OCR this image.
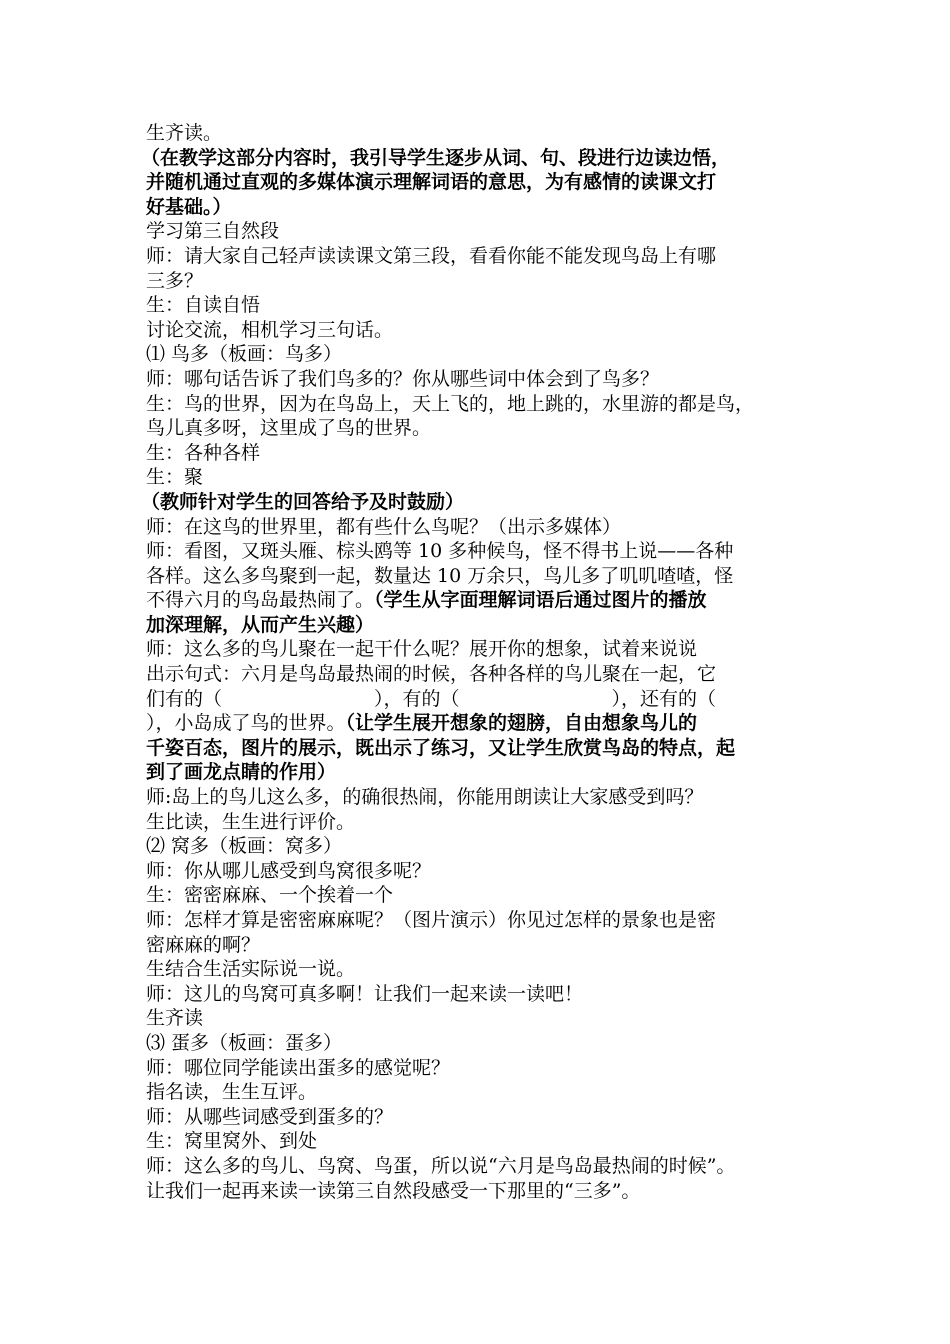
生齐读。

（在教学这部分内容时，我引导学生逐步从词、句、段进行边读边悟，

并随机通过直观的多媒体演示理解词语的意思，为有感情的读课文打

好基础。）

学习第三自然段

师：请大家自己轻声读读课文第三段，看看你能不能发现鸟岛上有哪

三多？

生：自读自悟

讨论交流，相机学习三句话。

⑴ 鸟多（板画：鸟多）

师：哪句话告诉了我们鸟多的？你从哪些词中体会到了鸟多？

生：鸟的世界，因为在鸟岛上，天上飞的，地上跳的，水里游的都是鸟，

鸟儿真多呀，这里成了鸟的世界。

生：各种各样

生：聚

（教师针对学生的回答给予及时鼓励）

师：在这鸟的世界里，都有些什么鸟呢？（出示多媒体）

师：看图，又斑头雁、棕头鸥等 10 多种候鸟，怪不得书上说——各种

各样。这么多鸟聚到一起，数量达 10 万余只，鸟儿多了叽叽喳喳，怪

不得六月的鸟岛最热闹了。（学生从字面理解词语后通过图片的播放

加深理解，从而产生兴趣）

师：这么多的鸟儿聚在一起干什么呢？展开你的想象，试着来说说

出示句式：六月是鸟岛最热闹的时候，各种各样的鸟儿聚在一起，它

们有的（　　　　　　　　），有的（　　　　　　　　），还有的（

），小岛成了鸟的世界。（让学生展开想象的翅膀，自由想象鸟儿的

千姿百态，图片的展示，既出示了练习，又让学生欣赏鸟岛的特点，起

到了画龙点睛的作用）

师:岛上的鸟儿这么多，的确很热闹，你能用朗读让大家感受到吗？

生比读，生生进行评价。

⑵ 窝多（板画：窝多）

师：你从哪儿感受到鸟窝很多呢？

生：密密麻麻、一个挨着一个

师：怎样才算是密密麻麻呢？（图片演示）你见过怎样的景象也是密

密麻麻的啊？

生结合生活实际说一说。

师：这儿的鸟窝可真多啊！让我们一起来读一读吧！

生齐读

⑶ 蛋多（板画：蛋多）

师：哪位同学能读出蛋多的感觉呢？

指名读，生生互评。

师：从哪些词感受到蛋多的？

生：窝里窝外、到处

师：这么多的鸟儿、鸟窝、鸟蛋，所以说“六月是鸟岛最热闹的时候”。

让我们一起再来读一读第三自然段感受一下那里的“三多”。
